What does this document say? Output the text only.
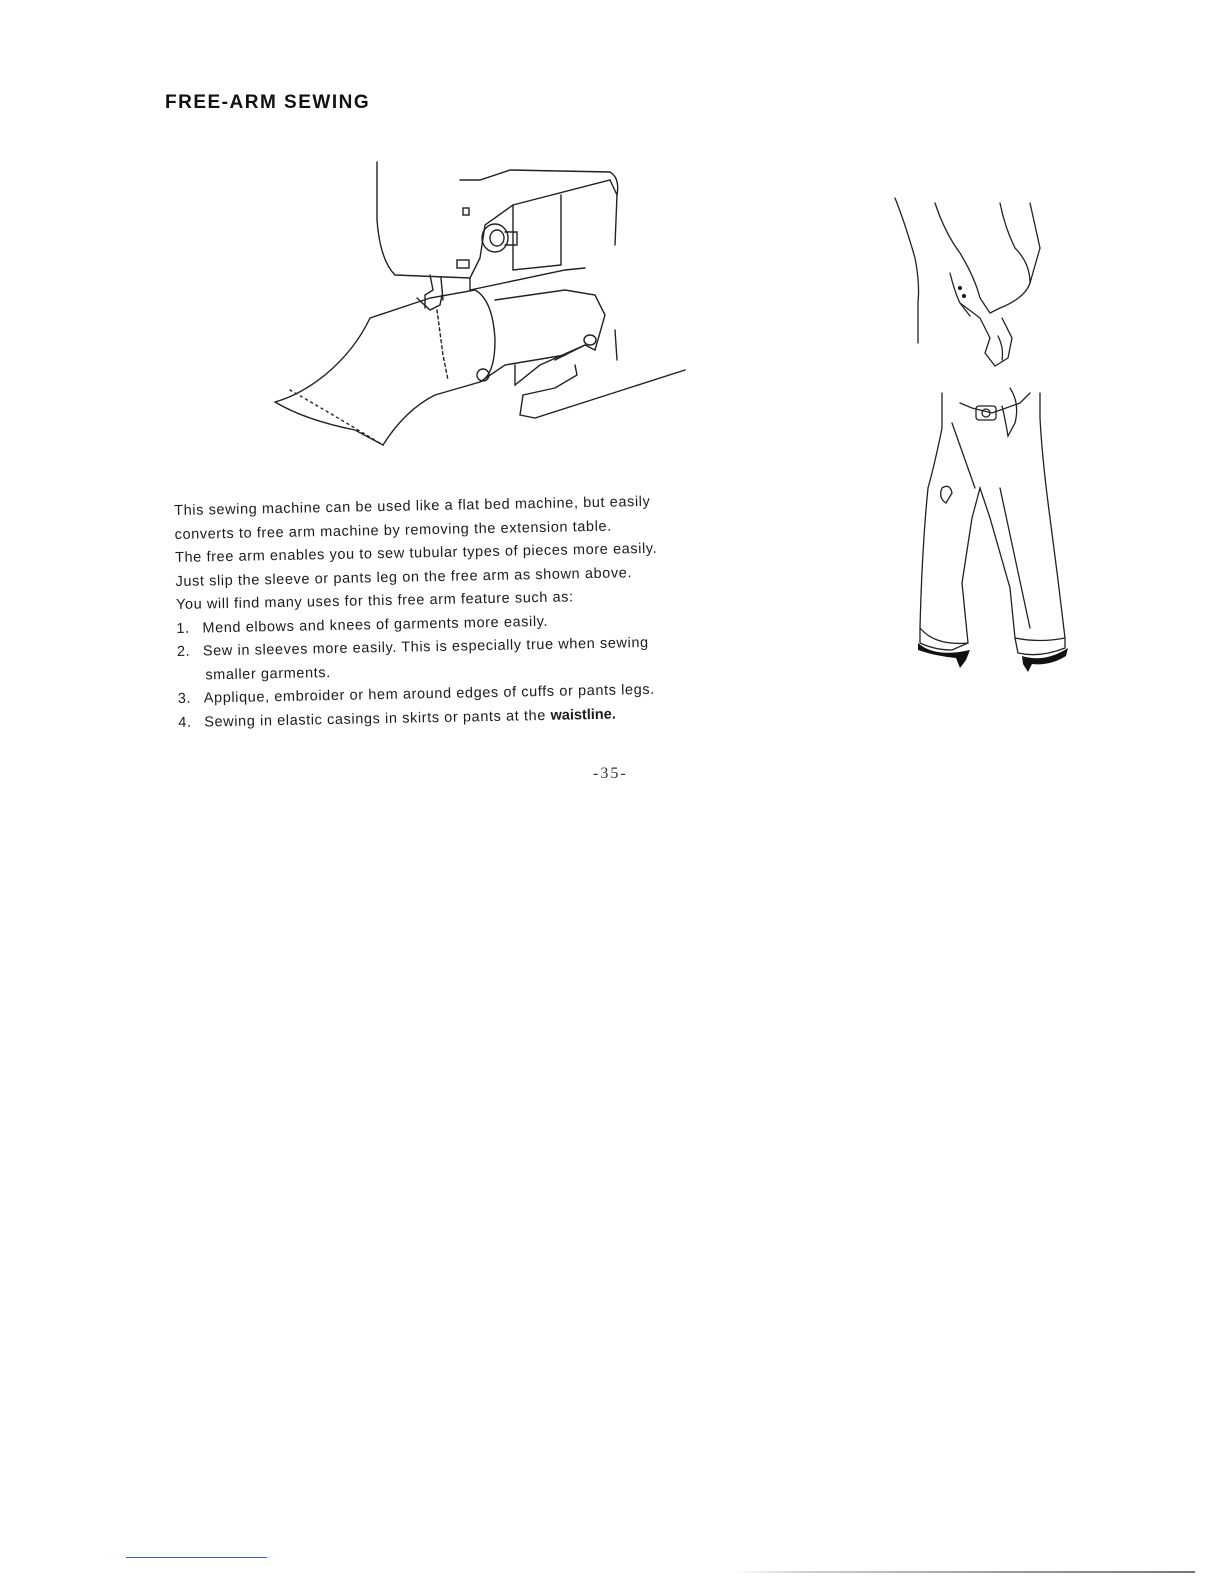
FREE-ARM SEWING

This sewing machine can be used like a flat bed machine, but easily

converts to free arm machine by removing the extension table.

The free arm enables you to sew tubular types of pieces more easily.

Just slip the sleeve or pants leg on the free arm as shown above.

You will find many uses for this free arm feature such as:

1. Mend elbows and knees of garments more easily.
2. Sew in sleeves more easily. This is especially true when sewing
smaller garments.
3. Applique, embroider or hem around edges of cuffs or pants legs.
4. Sewing in elastic casings in skirts or pants at the waistline.
-35-
